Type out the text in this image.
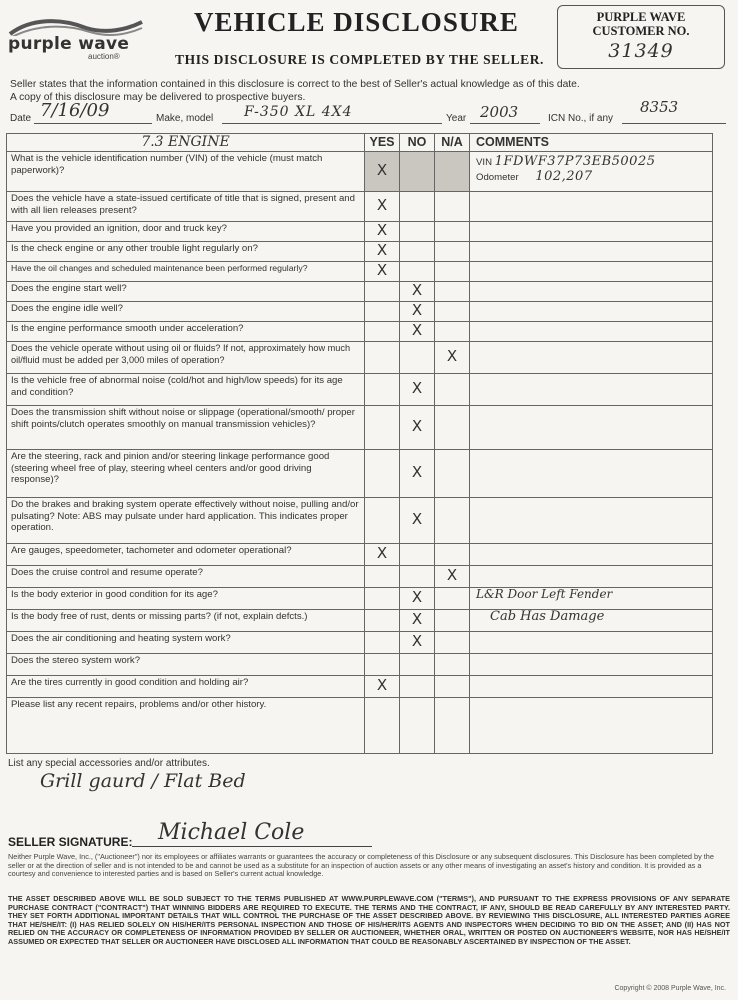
purple wave
auction®
VEHICLE DISCLOSURE
THIS DISCLOSURE IS COMPLETED BY THE SELLER.
PURPLE WAVE
CUSTOMER NO.
31349
Seller states that the information contained in this disclosure is correct to the best of Seller's actual knowledge as of this date.
A copy of this disclosure may be delivered to prospective buyers.
Date 7/16/09	Make, model F-350 XL 4X4	Year 2003	ICN No., if any
8353
7.3 ENGINE	YES	NO	N/A	COMMENTS
What is the vehicle identification number (VIN) of the vehicle (must match paperwork)?	X			VIN 1FDWF37P73EB50025
Odometer 102,207

Does the vehicle have a state-issued certificate of title that is signed, present and with all lien releases present?	X			
Have you provided an ignition, door and truck key?	X			
Is the check engine or any other trouble light regularly on?	X			
Have the oil changes and scheduled maintenance been performed regularly?	X			
Does the engine start well?		X		
Does the engine idle well?		X		
Is the engine performance smooth under acceleration?		X		
Does the vehicle operate without using oil or fluids? If not, approximately how much oil/fluid must be added per 3,000 miles of operation?			X	
Is the vehicle free of abnormal noise (cold/hot and high/low speeds) for its age and condition?		X		
Does the transmission shift without noise or slippage (operational/smooth/ proper shift points/clutch operates smoothly on manual transmission vehicles)?		X		
Are the steering, rack and pinion and/or steering linkage performance good (steering wheel free of play, steering wheel centers and/or good driving response)?		X		
Do the brakes and braking system operate effectively without noise, pulling and/or pulsating? Note: ABS may pulsate under hard application. This indicates proper operation.		X		
Are gauges, speedometer, tachometer and odometer operational?	X			
Does the cruise control and resume operate?			X	
Is the body exterior in good condition for its age?		X		L&R Door Left Fender
Is the body free of rust, dents or missing parts? (if not, explain defcts.)		X		Cab Has Damage
Does the air conditioning and heating system work?		X		
Does the stereo system work?				
Are the tires currently in good condition and holding air?	X			
Please list any recent repairs, problems and/or other history.				
List any special accessories and/or attributes.
Grill gaurd / Flat Bed
SELLER SIGNATURE: Michael Cole
Neither Purple Wave, Inc., ("Auctioneer") nor its employees or affiliates warrants or guarantees the accuracy or completeness of this Disclosure or any subsequent disclosures. This Disclosure has been completed by the seller or at the direction of seller and is not intended to be and cannot be used as a substitute for an inspection of auction assets or any other means of investigating an asset's history and condition. It is provided as a courtesy and convenience to interested parties and is based on Seller's current actual knowledge.
THE ASSET DESCRIBED ABOVE WILL BE SOLD SUBJECT TO THE TERMS PUBLISHED AT WWW.PURPLEWAVE.COM ("TERMS"), AND PURSUANT TO THE EXPRESS PROVISIONS OF ANY SEPARATE PURCHASE CONTRACT ("CONTRACT") THAT WINNING BIDDERS ARE REQUIRED TO EXECUTE. THE TERMS AND THE CONTRACT, IF ANY, SHOULD BE READ CAREFULLY BY ANY INTERESTED PARTY. THEY SET FORTH ADDITIONAL IMPORTANT DETAILS THAT WILL CONTROL THE PURCHASE OF THE ASSET DESCRIBED ABOVE. BY REVIEWING THIS DISCLOSURE, ALL INTERESTED PARTIES AGREE THAT HE/SHE/IT: (I) HAS RELIED SOLELY ON HIS/HER/ITS PERSONAL INSPECTION AND THOSE OF HIS/HER/ITS AGENTS AND INSPECTORS WHEN DECIDING TO BID ON THE ASSET; AND (II) HAS NOT RELIED ON THE ACCURACY OR COMPLETENESS OF INFORMATION PROVIDED BY SELLER OR AUCTIONEER, WHETHER ORAL, WRITTEN OR POSTED ON AUCTIONEER'S WEBSITE, NOR HAS HE/SHE/IT ASSUMED OR EXPECTED THAT SELLER OR AUCTIONEER HAVE DISCLOSED ALL INFORMATION THAT COULD BE REASONABLY ASCERTAINED BY INSPECTION OF THE ASSET.
Copyright © 2008 Purple Wave, Inc.
